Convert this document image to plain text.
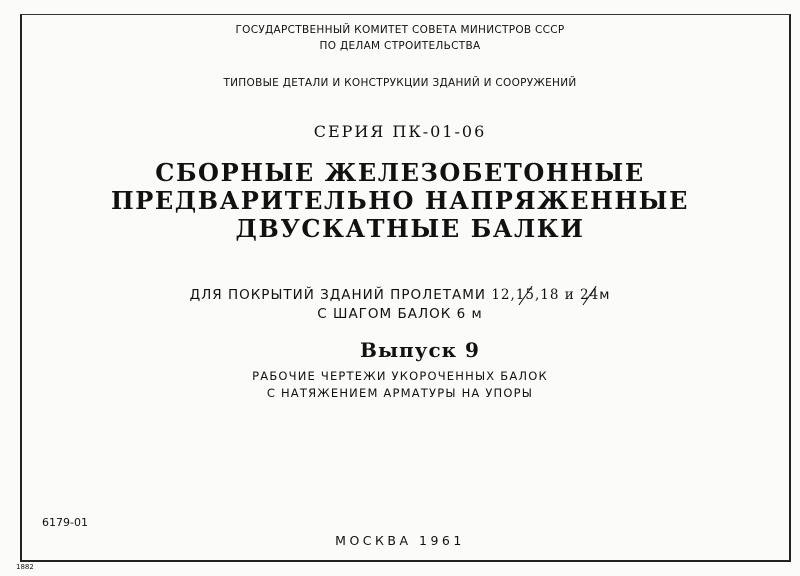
ГОСУДАРСТВЕННЫЙ КОМИТЕТ СОВЕТА МИНИСТРОВ СССР
ПО ДЕЛАМ СТРОИТЕЛЬСТВА
ТИПОВЫЕ ДЕТАЛИ И КОНСТРУКЦИИ ЗДАНИЙ И СООРУЖЕНИЙ
СЕРИЯ ПК-01-06
СБОРНЫЕ ЖЕЛЕЗОБЕТОННЫЕ
ПРЕДВАРИТЕЛЬНО НАПРЯЖЕННЫЕ
ДВУСКАТНЫЕ БАЛКИ
ДЛЯ ПОКРЫТИЙ ЗДАНИЙ ПРОЛЕТАМИ 12,15,18 и 24м
С ШАГОМ БАЛОК 6 м
Выпуск 9
РАБОЧИЕ ЧЕРТЕЖИ УКОРОЧЕННЫХ БАЛОК
С НАТЯЖЕНИЕМ АРМАТУРЫ НА УПОРЫ
6179-01
МОСКВА 1961
1882
